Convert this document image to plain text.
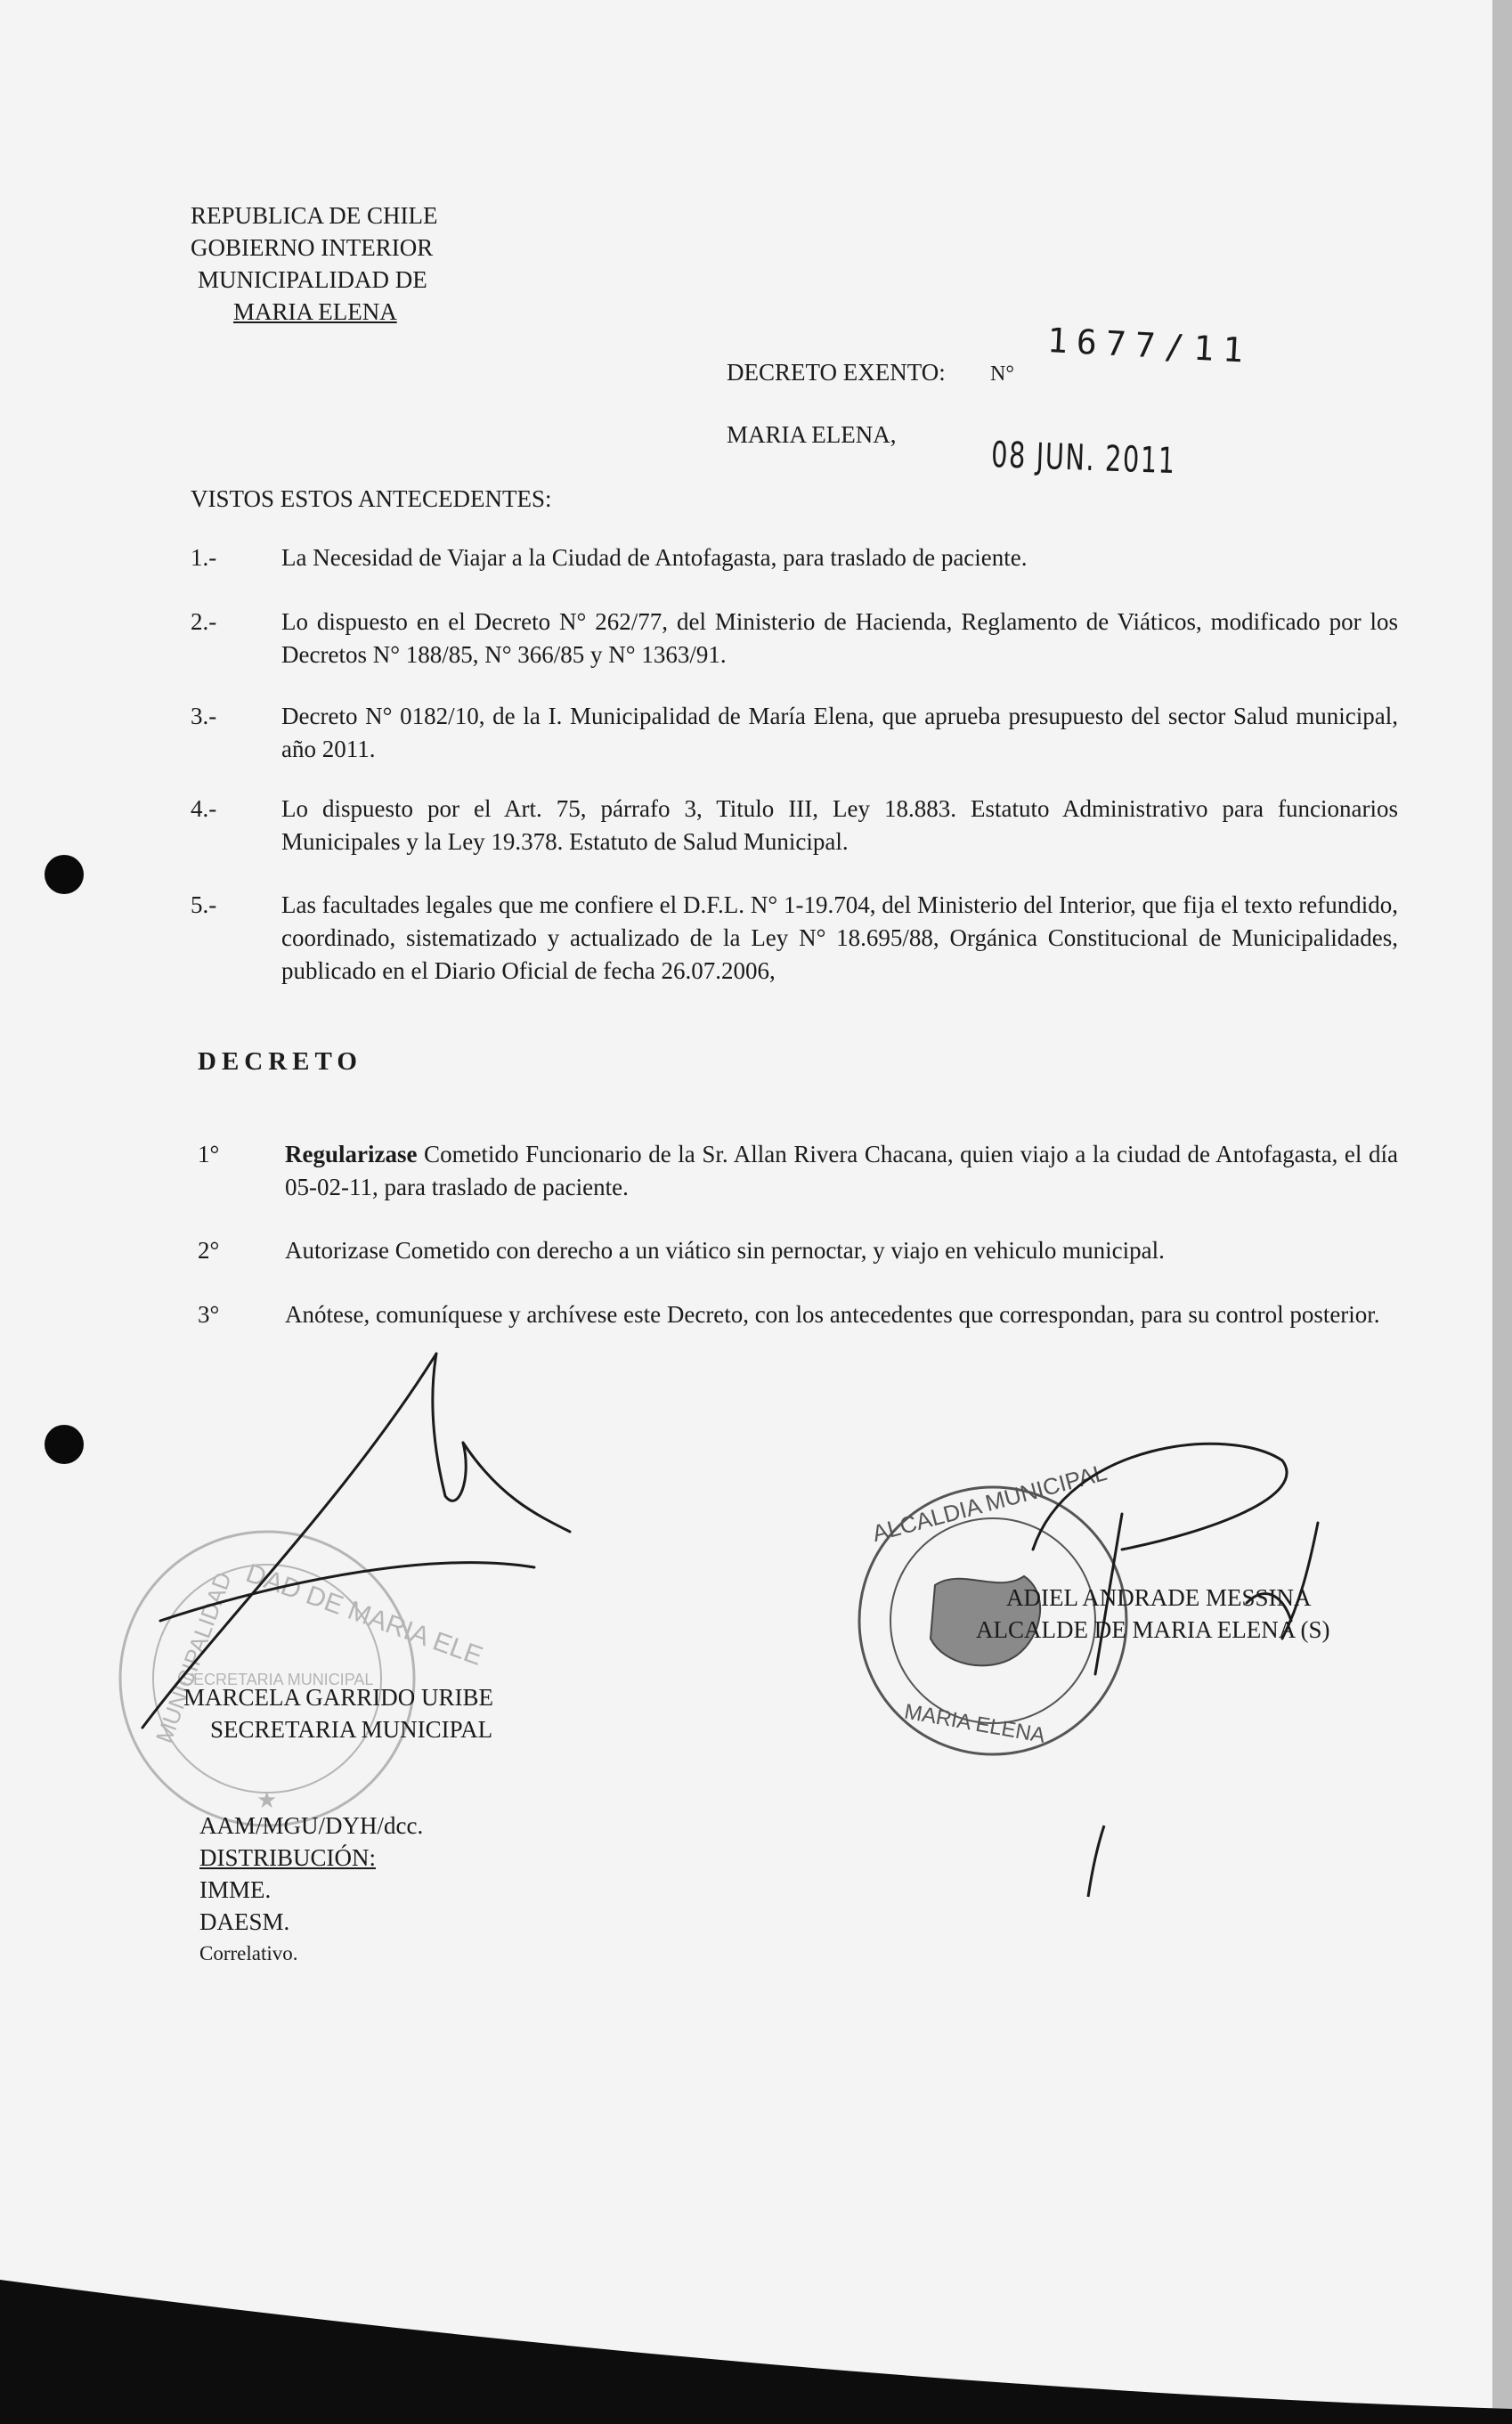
REPUBLICA DE CHILE
GOBIERNO INTERIOR
MUNICIPALIDAD DE
MARIA ELENA
DECRETO EXENTO: N°
1677/11
MARIA ELENA,	08 JUN. 2011
VISTOS ESTOS ANTECEDENTES:
1.-	La Necesidad de Viajar a la Ciudad de Antofagasta, para traslado de paciente.
2.-	Lo dispuesto en el Decreto N° 262/77, del Ministerio de Hacienda, Reglamento de Viáticos, modificado por los Decretos N° 188/85, N° 366/85 y N° 1363/91.
3.-	Decreto N° 0182/10, de la I. Municipalidad de María Elena, que aprueba presupuesto del sector Salud municipal, año 2011.
4.-	Lo dispuesto por el Art. 75, párrafo 3, Titulo III, Ley 18.883. Estatuto Administrativo para funcionarios Municipales y la Ley 19.378. Estatuto de Salud Municipal.
5.-	Las facultades legales que me confiere el D.F.L. N° 1-19.704, del Ministerio del Interior, que fija el texto refundido, coordinado, sistematizado y actualizado de la Ley N° 18.695/88, Orgánica Constitucional de Municipalidades, publicado en el Diario Oficial de fecha 26.07.2006,
DECRETO
1°	Regularizase Cometido Funcionario de la Sr. Allan Rivera Chacana, quien viajo a la ciudad de Antofagasta, el día 05-02-11, para traslado de paciente.
2°	Autorizase Cometido con derecho a un viático sin pernoctar, y viajo en vehiculo municipal.
3°	Anótese, comuníquese y archívese este Decreto, con los antecedentes que correspondan, para su control posterior.
DAD DE MARIA ELE
MUNICIPALIDAD
SECRETARIA MUNICIPAL
★
ALCALDIA MUNICIPAL
MARIA ELENA
MARCELA GARRIDO URIBE
SECRETARIA MUNICIPAL
ADIEL ANDRADE MESSINA
ALCALDE DE MARIA ELENA (S)
AAM/MGU/DYH/dcc.
DISTRIBUCIÓN:
IMME.
DAESM.
Correlativo.
